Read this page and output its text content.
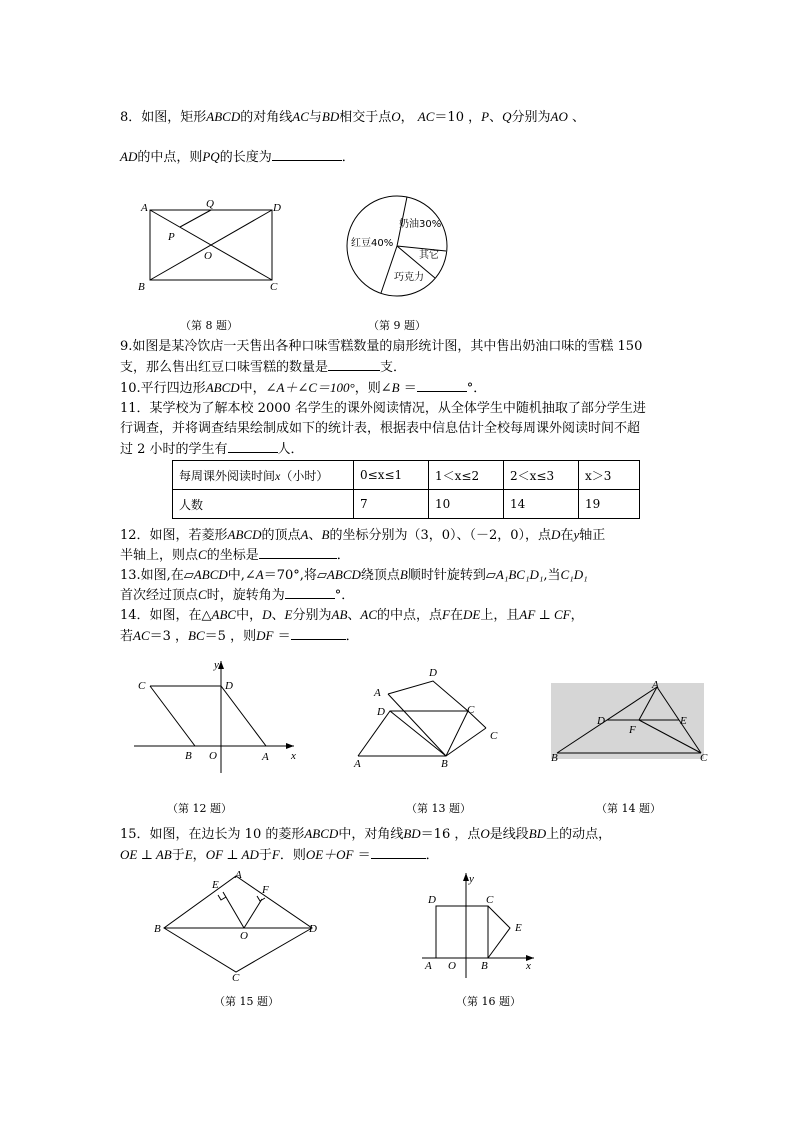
8．如图，矩形ABCD的对角线AC与BD相交于点O， AC＝10 ，P、Q分别为AO 、
AD的中点，则PQ的长度为	．
A	Q	D
P
O
B	C
（第 8 题）
奶油30%
红豆40%
其它
巧克力
（第 9 题）
9.如图是某冷饮店一天售出各种口味雪糕数量的扇形统计图，其中售出奶油口味的雪糕 150
支，那么售出红豆口味雪糕的数量是	支．
10.平行四边形ABCD中，∠A＋∠C＝100°，则∠B ＝	°．
11．某学校为了解本校 2000 名学生的课外阅读情况，从全体学生中随机抽取了部分学生进
行调查，并将调查结果绘制成如下的统计表，根据表中信息估计全校每周课外阅读时间不超
过 2 小时的学生有	人．
每周课外阅读时间x（小时）	0≤x≤1	1＜x≤2	2＜x≤3	x＞3
人数	7	10	14	19
12．如图，若菱形ABCD的顶点A、B的坐标分别为（3，0）、（－2，0），点D在y轴正
半轴上，则点C的坐标是	．
13.如图,在▱ABCD中,∠A＝70°,将▱ABCD绕顶点B顺时针旋转到▱A₁BC₁D₁,当C₁D₁
首次经过顶点C时，旋转角为	°．
14．如图，在△ABC中，D、E分别为AB、AC的中点，点F在DE上，且AF ⊥ CF，
若AC＝3 ，BC＝5 ，则DF ＝	．
y
C	D
B O	A x
（第 12 题）
D
A
D	C
C
A	B
（第 13 题）
A
D	E
F
B	C
（第 14 题）
15．如图，在边长为 10 的菱形ABCD中，对角线BD＝16 ，点O是线段BD上的动点，
OE ⊥ AB于E，OF ⊥ AD于F．则OE＋OF ＝	．
A
E	F
B
O
D
C
（第 15 题）
y
D	C
E
A O B	x
（第 16 题）
